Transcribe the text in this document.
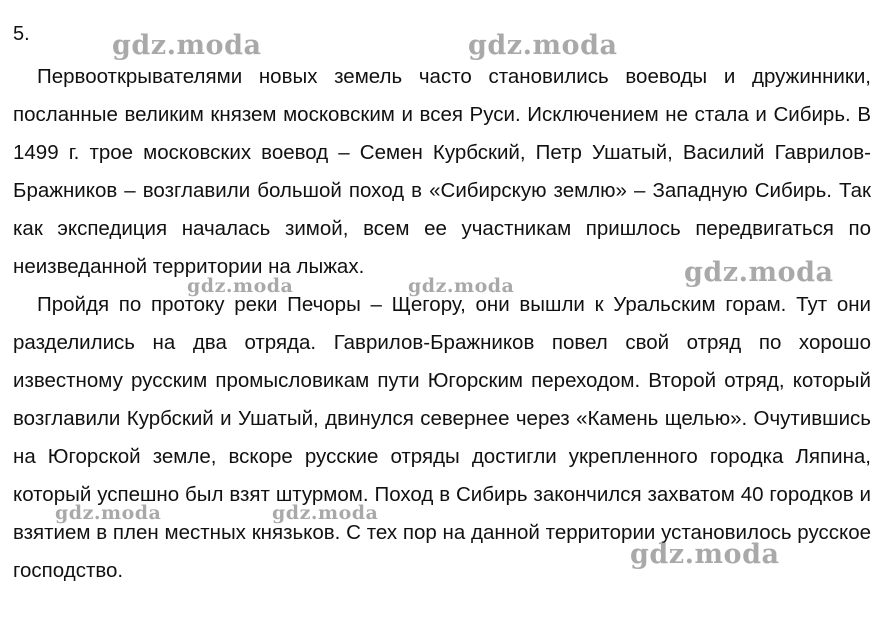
5.

Первооткрывателями новых земель часто становились воеводы и дружинники, посланные великим князем московским и всея Руси. Исключением не стала и Сибирь. В 1499 г. трое московских воевод – Семен Курбский, Петр Ушатый, Василий Гаврилов-Бражников – возглавили большой поход в «Сибирскую землю» – Западную Сибирь. Так как экспедиция началась зимой, всем ее участникам пришлось передвигаться по неизведанной территории на лыжах.

Пройдя по протоку реки Печоры – Щегору, они вышли к Уральским горам. Тут они разделились на два отряда. Гаврилов-Бражников повел свой отряд по хорошо известному русским промысловикам пути Югорским переходом. Второй отряд, который возглавили Курбский и Ушатый, двинулся севернее через «Камень щелью». Очутившись на Югорской земле, вскоре русские отряды достигли укрепленного городка Ляпина, который успешно был взят штурмом. Поход в Сибирь закончился захватом 40 городков и взятием в плен местных князьков. С тех пор на данной территории установилось русское господство.

gdz.moda	gdz.moda
gdz.moda
gdz.moda	gdz.moda
gdz.moda	gdz.moda
gdz.moda
